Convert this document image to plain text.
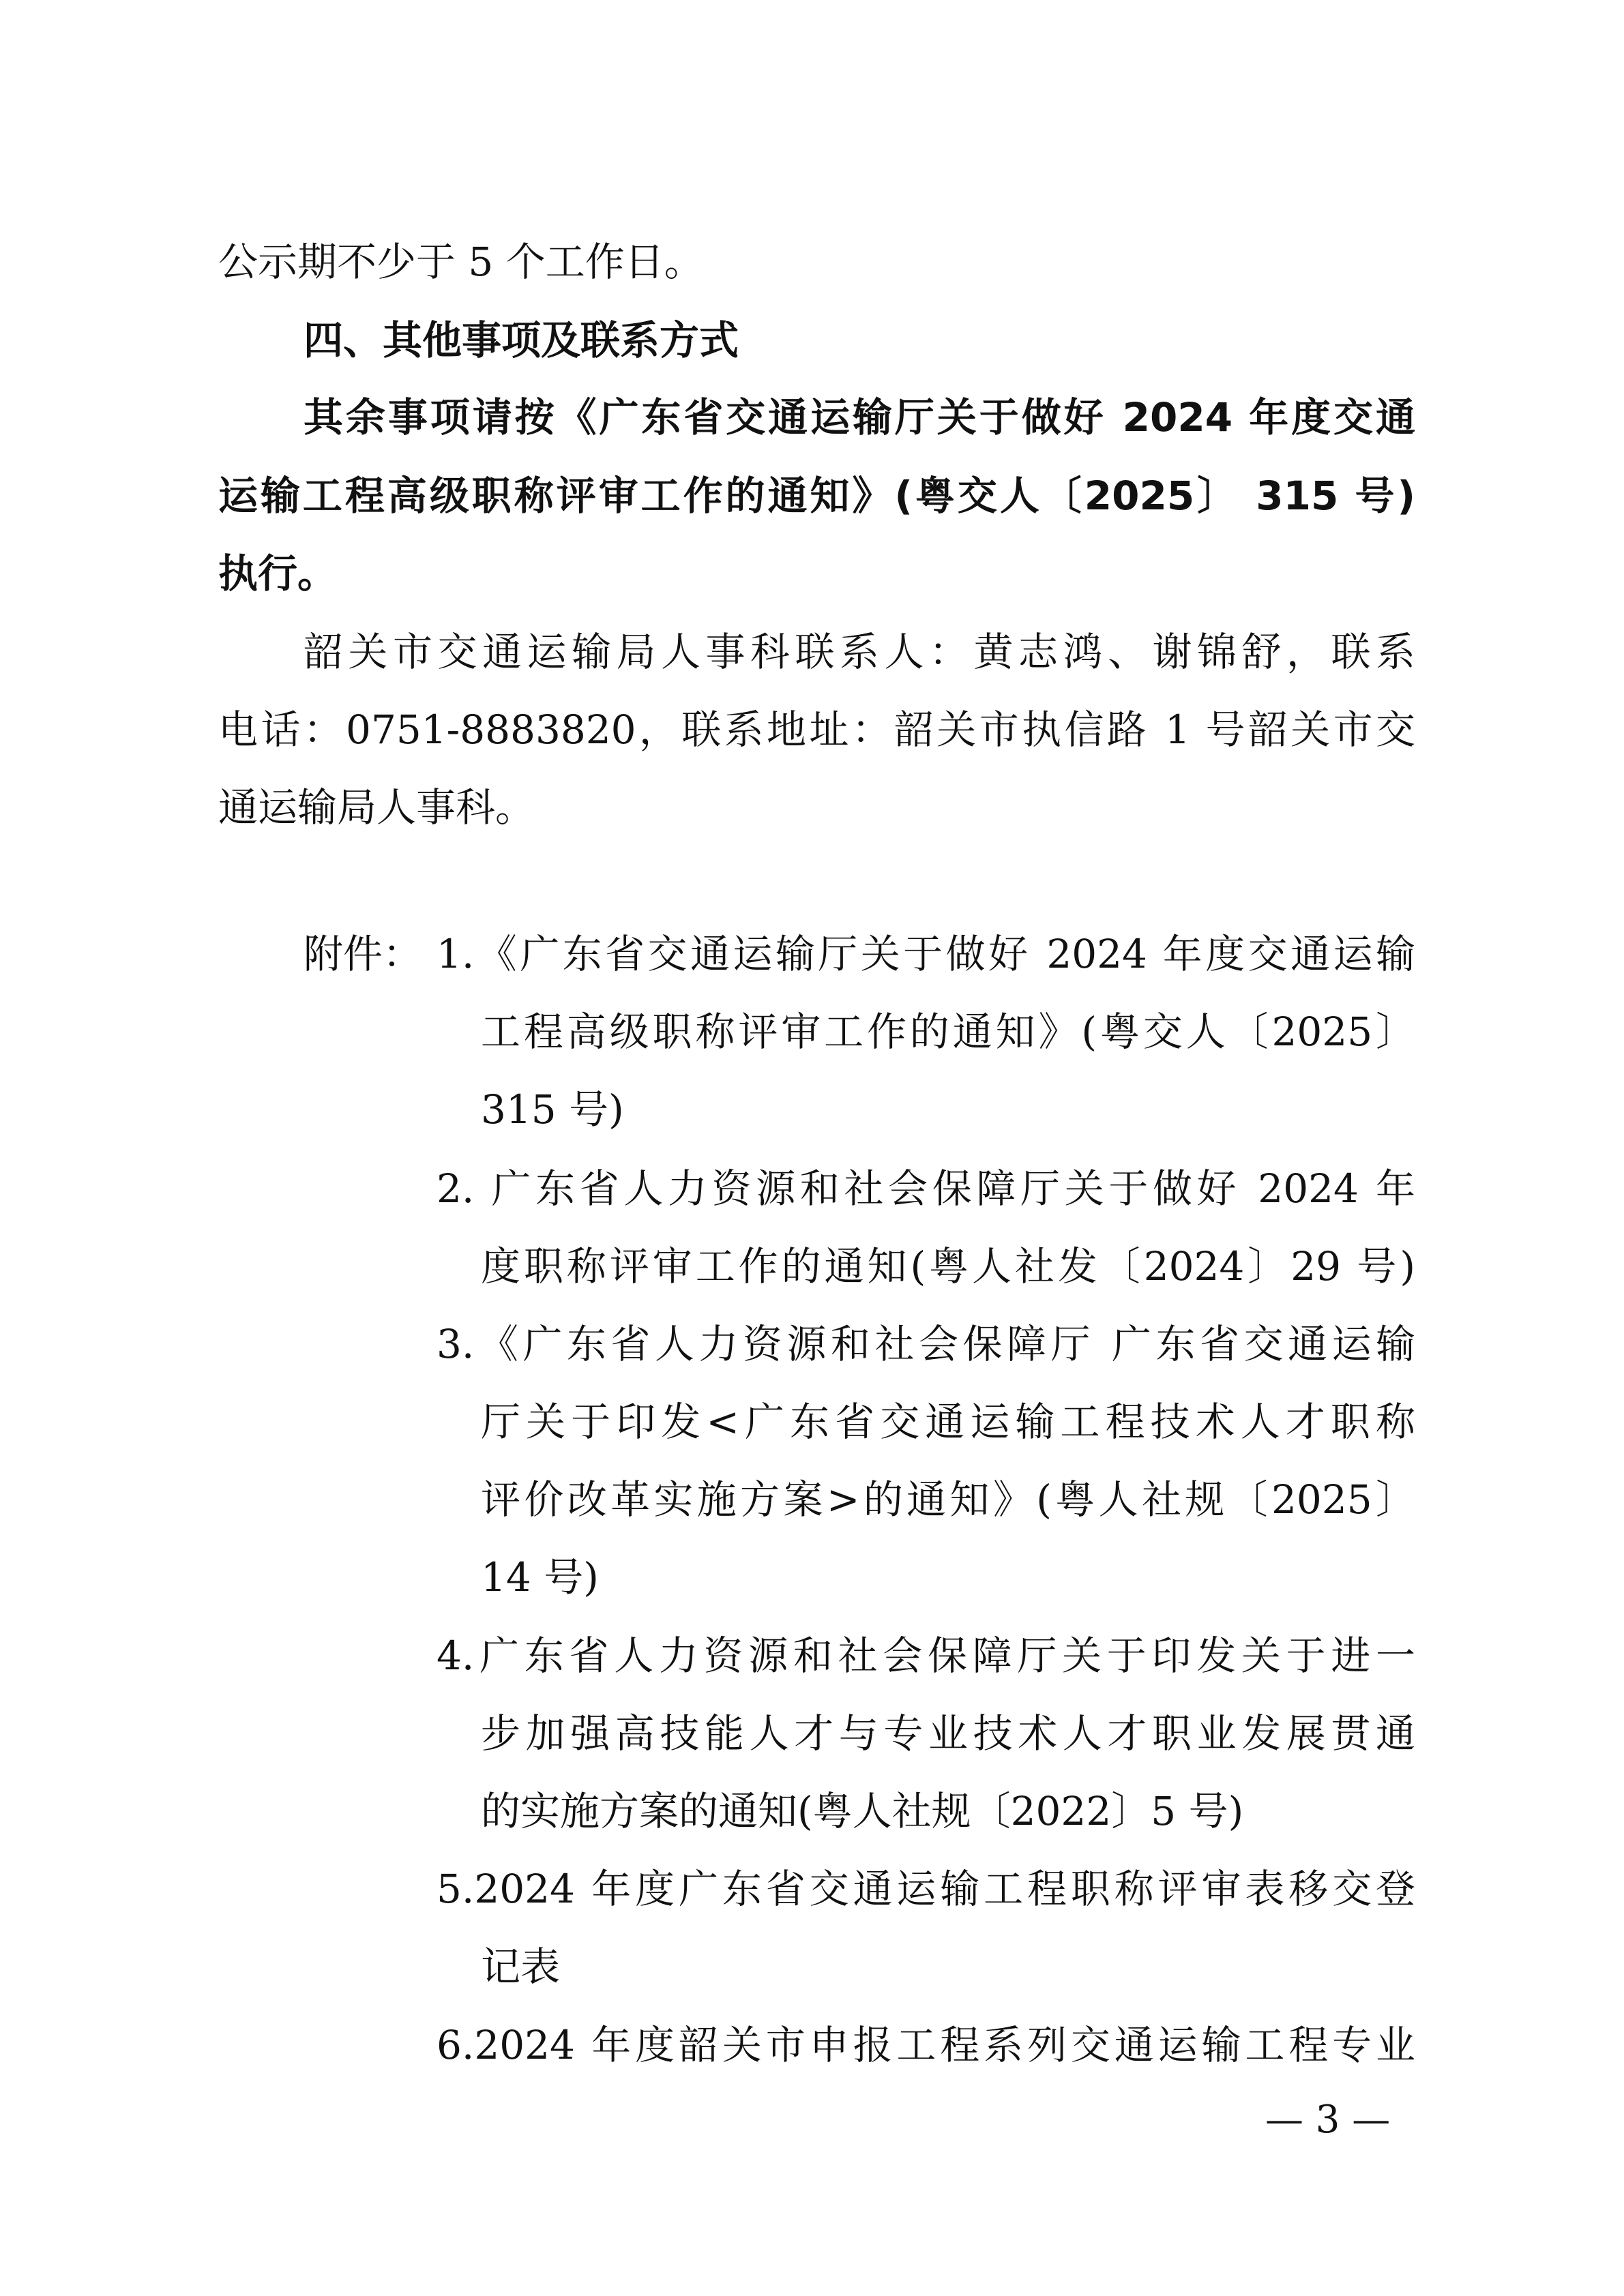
公示期不少于 5 个工作日。
四、其他事项及联系方式
其余事项请按《广东省交通运输厅关于做好 2024 年度交通
运输工程高级职称评审工作的通知》(粤交人〔2025〕 315 号)
执行。
韶关市交通运输局人事科联系人：黄志鸿、谢锦舒，联系
电话：0751-8883820，联系地址：韶关市执信路 1 号韶关市交
通运输局人事科。
附件： 1.《广东省交通运输厅关于做好 2024 年度交通运输
工程高级职称评审工作的通知》(粤交人〔2025〕
315 号)
2. 广东省人力资源和社会保障厅关于做好 2024 年
度职称评审工作的通知(粤人社发〔2024〕29 号)
3.《广东省人力资源和社会保障厅 广东省交通运输
厅关于印发<广东省交通运输工程技术人才职称
评价改革实施方案>的通知》(粤人社规〔2025〕
14 号)
4.广东省人力资源和社会保障厅关于印发关于进一
步加强高技能人才与专业技术人才职业发展贯通
的实施方案的通知(粤人社规〔2022〕5 号)
5.2024 年度广东省交通运输工程职称评审表移交登
记表
6.2024 年度韶关市申报工程系列交通运输工程专业
— 3 —
